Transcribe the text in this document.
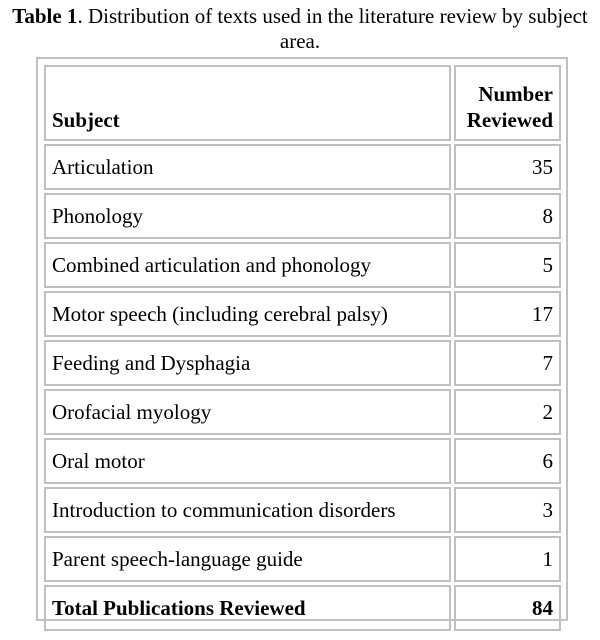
Table 1. Distribution of texts used in the literature review by subject area.
Subject	Number Reviewed
Articulation	35
Phonology	8
Combined articulation and phonology	5
Motor speech (including cerebral palsy)	17
Feeding and Dysphagia	7
Orofacial myology	2
Oral motor	6
Introduction to communication disorders	3
Parent speech-language guide	1
Total Publications Reviewed	84
